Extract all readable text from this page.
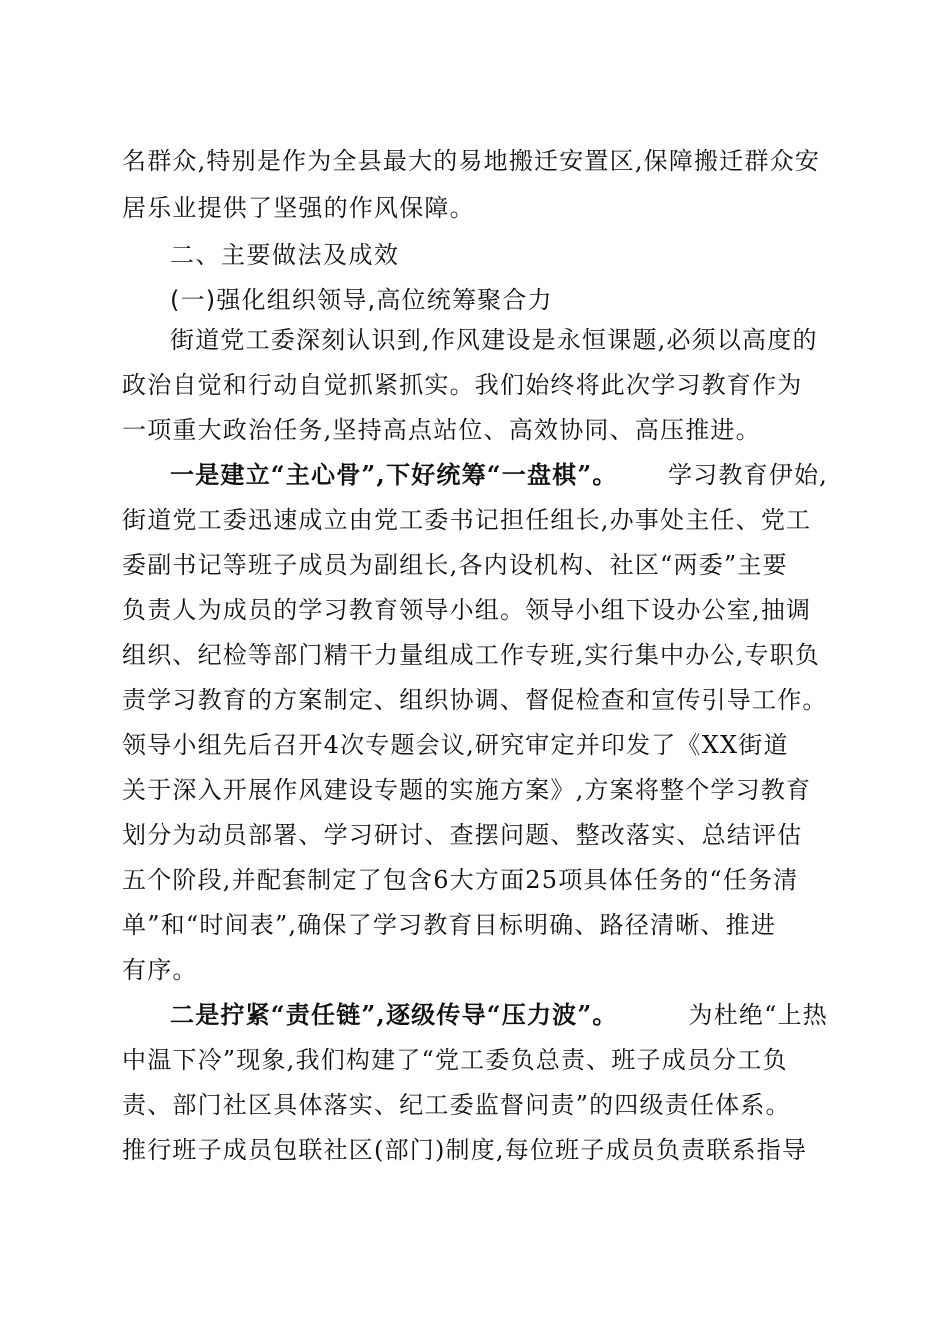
名群众,特别是作为全县最大的易地搬迁安置区,保障搬迁群众安
居乐业提供了坚强的作风保障。
二、主要做法及成效
(一)强化组织领导,高位统筹聚合力
街道党工委深刻认识到,作风建设是永恒课题,必须以高度的
政治自觉和行动自觉抓紧抓实。我们始终将此次学习教育作为
一项重大政治任务,坚持高点站位、高效协同、高压推进。
一是建立“主心骨”,下好统筹“一盘棋”。 学习教育伊始,
街道党工委迅速成立由党工委书记担任组长,办事处主任、党工
委副书记等班子成员为副组长,各内设机构、社区“两委”主要
负责人为成员的学习教育领导小组。领导小组下设办公室,抽调
组织、纪检等部门精干力量组成工作专班,实行集中办公,专职负
责学习教育的方案制定、组织协调、督促检查和宣传引导工作。
领导小组先后召开4次专题会议,研究审定并印发了《XX街道
关于深入开展作风建设专题的实施方案》,方案将整个学习教育
划分为动员部署、学习研讨、查摆问题、整改落实、总结评估
五个阶段,并配套制定了包含6大方面25项具体任务的“任务清
单”和“时间表”,确保了学习教育目标明确、路径清晰、推进
有序。
二是拧紧“责任链”,逐级传导“压力波”。	为杜绝“上热
中温下冷”现象,我们构建了“党工委负总责、班子成员分工负
责、部门社区具体落实、纪工委监督问责”的四级责任体系。
推行班子成员包联社区(部门)制度,每位班子成员负责联系指导
